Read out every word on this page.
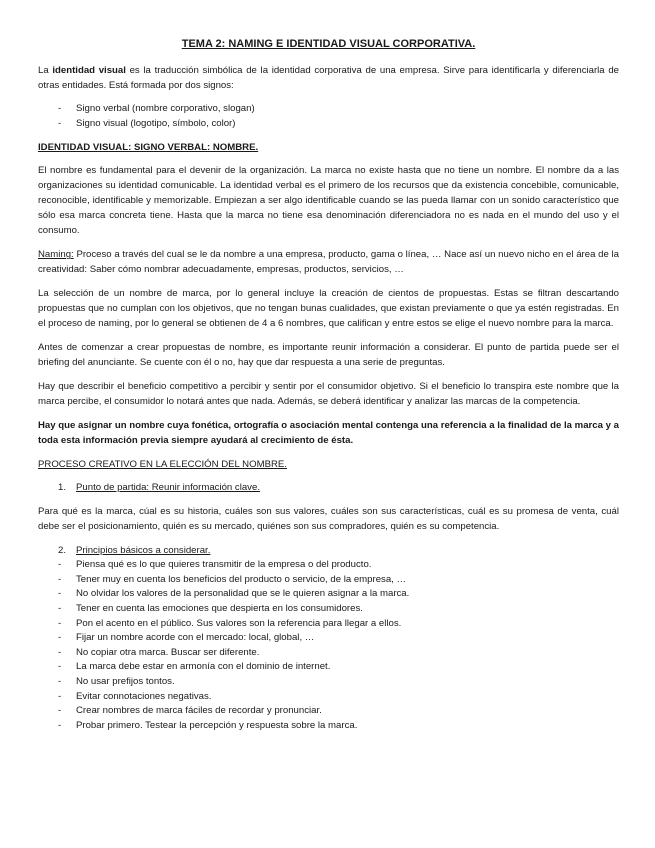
TEMA 2: NAMING E IDENTIDAD VISUAL CORPORATIVA.

La identidad visual es la traducción simbólica de la identidad corporativa de una empresa. Sirve para identificarla y diferenciarla de otras entidades. Está formada por dos signos:

- Signo verbal (nombre corporativo, slogan)
- Signo visual (logotipo, símbolo, color)
IDENTIDAD VISUAL: SIGNO VERBAL: NOMBRE.

El nombre es fundamental para el devenir de la organización. La marca no existe hasta que no tiene un nombre. El nombre da a las organizaciones su identidad comunicable. La identidad verbal es el primero de los recursos que da existencia concebible, comunicable, reconocible, identificable y memorizable. Empiezan a ser algo identificable cuando se las pueda llamar con un sonido característico que sólo esa marca concreta tiene. Hasta que la marca no tiene esa denominación diferenciadora no es nada en el mundo del uso y el consumo.

Naming: Proceso a través del cual se le da nombre a una empresa, producto, gama o línea, … Nace así un nuevo nicho en el área de la creatividad: Saber cómo nombrar adecuadamente, empresas, productos, servicios, …

La selección de un nombre de marca, por lo general incluye la creación de cientos de propuestas. Estas se filtran descartando propuestas que no cumplan con los objetivos, que no tengan bunas cualidades, que existan previamente o que ya estén registradas. En el proceso de naming, por lo general se obtienen de 4 a 6 nombres, que califican y entre estos se elige el nuevo nombre para la marca.

Antes de comenzar a crear propuestas de nombre, es importante reunir información a considerar. El punto de partida puede ser el briefing del anunciante. Se cuente con él o no, hay que dar respuesta a una serie de preguntas.

Hay que describir el beneficio competitivo a percibir y sentir por el consumidor objetivo. Si el beneficio lo transpira este nombre que la marca percibe, el consumidor lo notará antes que nada. Además, se deberá identificar y analizar las marcas de la competencia.

Hay que asignar un nombre cuya fonética, ortografía o asociación mental contenga una referencia a la finalidad de la marca y a toda esta información previa siempre ayudará al crecimiento de ésta.

PROCESO CREATIVO EN LA ELECCIÓN DEL NOMBRE.
1. Punto de partida: Reunir información clave.

Para qué es la marca, cúal es su historia, cuáles son sus valores, cuáles son sus características, cuál es su promesa de venta, cuál debe ser el posicionamiento, quién es su mercado, quiénes son sus compradores, quién es su competencia.

2. Principios básicos a considerar.
- Piensa qué es lo que quieres transmitir de la empresa o del producto.
- Tener muy en cuenta los beneficios del producto o servicio, de la empresa, …
- No olvidar los valores de la personalidad que se le quieren asignar a la marca.
- Tener en cuenta las emociones que despierta en los consumidores.
- Pon el acento en el público. Sus valores son la referencia para llegar a ellos.
- Fijar un nombre acorde con el mercado: local, global, …
- No copiar otra marca. Buscar ser diferente.
- La marca debe estar en armonía con el dominio de internet.
- No usar prefijos tontos.
- Evitar connotaciones negativas.
- Crear nombres de marca fáciles de recordar y pronunciar.
- Probar primero. Testear la percepción y respuesta sobre la marca.
